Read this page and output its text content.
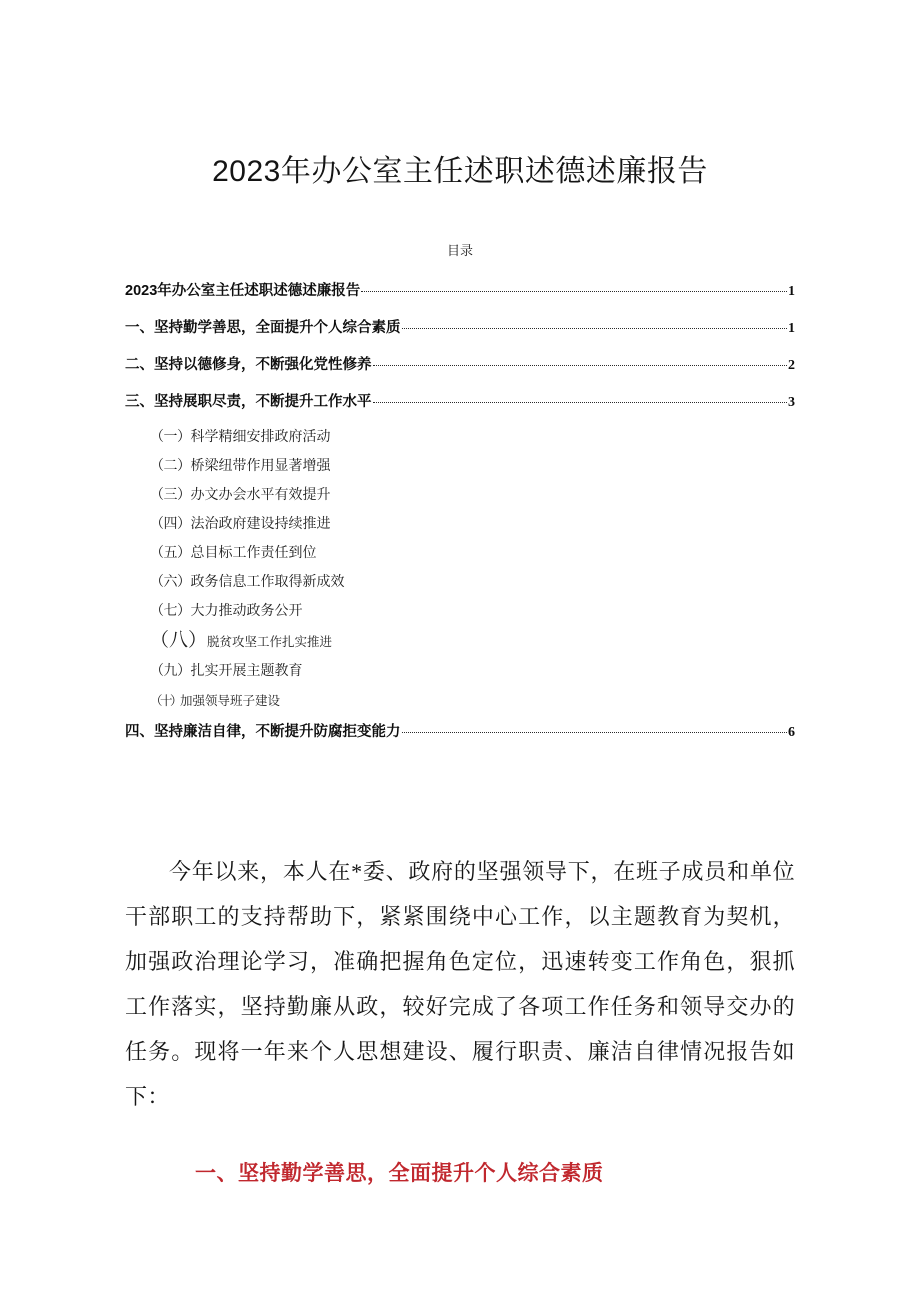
2023年办公室主任述职述德述廉报告
目录
2023年办公室主任述职述德述廉报告	1
一、坚持勤学善思，全面提升个人综合素质	1
二、坚持以德修身，不断强化党性修养	2
三、坚持展职尽责，不断提升工作水平	3
（一）科学精细安排政府活动
（二）桥梁纽带作用显著增强
（三）办文办会水平有效提升
（四）法治政府建设持续推进
（五）总目标工作责任到位
（六）政务信息工作取得新成效
（七）大力推动政务公开
（八）脱贫攻坚工作扎实推进
（九）扎实开展主题教育
（十）加强领导班子建设
四、坚持廉洁自律，不断提升防腐拒变能力	6

今年以来，本人在*委、政府的坚强领导下，在班子成员和单位干部职工的支持帮助下，紧紧围绕中心工作，以主题教育为契机，加强政治理论学习，准确把握角色定位，迅速转变工作角色，狠抓工作落实，坚持勤廉从政，较好完成了各项工作任务和领导交办的任务。现将一年来个人思想建设、履行职责、廉洁自律情况报告如下：

一、坚持勤学善思，全面提升个人综合素质
